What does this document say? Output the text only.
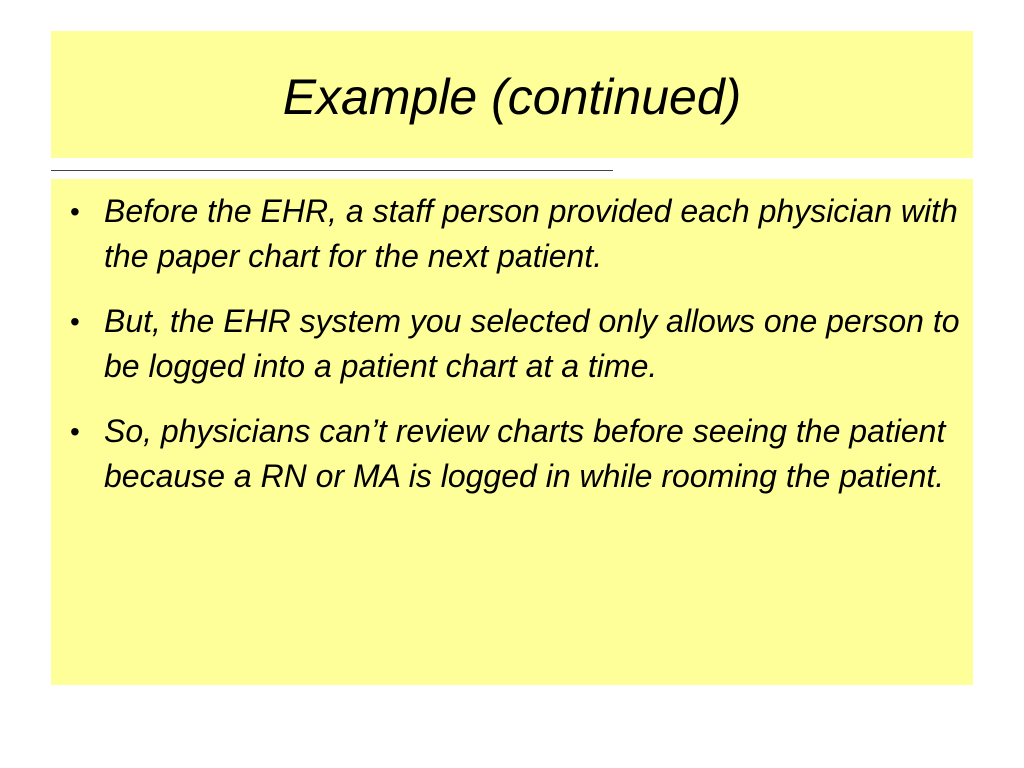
Example (continued)
• Before the EHR, a staff person provided each physician with the paper chart for the next patient.
• But, the EHR system you selected only allows one person to be logged into a patient chart at a time.
• So, physicians can’t review charts before seeing the patient because a RN or MA is logged in while rooming the patient.
